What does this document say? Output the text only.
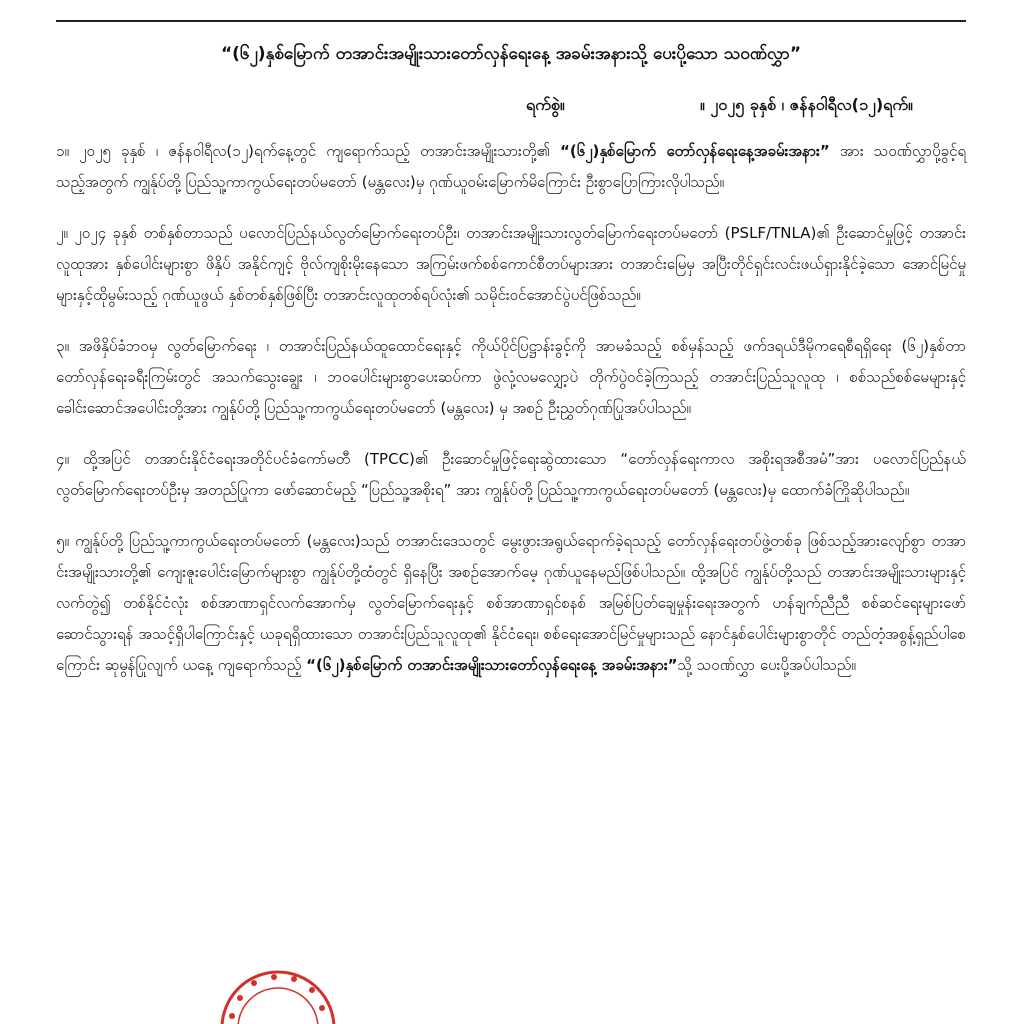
“(၆၂)နှစ်မြောက် တအာင်းအမျိုးသားတော်လှန်ရေးနေ့ အခမ်းအနားသို့ ပေးပို့သော သဝဏ်လွှာ”
ရက်စွဲ။	။ ၂၀၂၅ ခုနှစ် ၊ ဇန်နဝါရီလ(၁၂)ရက်။

၁။ ၂၀၂၅ ခုနှစ် ၊ ဇန်နဝါရီလ(၁၂)ရက်နေ့တွင် ကျရောက်သည့် တအာင်းအမျိုးသားတို့၏ “(၆၂)နှစ်မြောက် တော်လှန်ရေးနေ့အခမ်းအနား” အား သဝဏ်လွှာပို့ခွင့်ရသည့်အတွက် ကျွန်ုပ်တို့ ပြည်သူ့ကာကွယ်ရေးတပ်မတော် (မန္တလေး)မှ ဂုဏ်ယူဝမ်းမြောက်မိကြောင်း ဦးစွာပြောကြားလိုပါသည်။

၂။ ၂၀၂၄ ခုနှစ် တစ်နှစ်တာသည် ပလောင်ပြည်နယ်လွတ်မြောက်ရေးတပ်ဦး၊ တအာင်းအမျိုးသားလွတ်မြောက်ရေးတပ်မတော် (PSLF/TNLA)၏ ဦးဆောင်မှုဖြင့် တအာင်းလူထုအား နှစ်ပေါင်းများစွာ ဖိနှိပ် အနိုင်ကျင့် ဗိုလ်ကျစိုးမိုးနေသော အကြမ်းဖက်စစ်ကောင်စီတပ်များအား တအာင်းမြေမှ အပြီးတိုင်ရှင်းလင်းဖယ်ရှားနိုင်ခဲ့သော အောင်မြင်မှုများနှင့်ထိုမွမ်းသည့် ဂုဏ်ယူဖွယ် နှစ်တစ်နှစ်ဖြစ်ပြီး တအာင်းလူထုတစ်ရပ်လုံး၏ သမိုင်းဝင်အောင်ပွဲပင်ဖြစ်သည်။

၃။ အဖိနှိပ်ခံဘဝမှ လွတ်မြောက်ရေး ၊ တအာင်းပြည်နယ်ထူထောင်ရေးနှင့် ကိုယ်ပိုင်ပြဋ္ဌာန်းခွင့်ကို အာမခံသည့် စစ်မှန်သည့် ဖက်ဒရယ်ဒီမိုကရေစီရရှိရေး (၆၂)နှစ်တာ တော်လှန်ရေးခရီးကြမ်းတွင် အသက်သွေးချွေး ၊ ဘဝပေါင်းများစွာပေးဆပ်ကာ ဖွဲလုံ့လမလျှော့ပဲ တိုက်ပွဲဝင်ခဲ့ကြသည့် တအာင်းပြည်သူလူထု ၊ စစ်သည်စစ်မေများနှင့် ခေါင်းဆောင်အပေါင်းတို့အား ကျွန်ုပ်တို့ ပြည်သူ့ကာကွယ်ရေးတပ်မတော် (မန္တလေး) မှ အစဉ် ဦးညွှတ်ဂုဏ်ပြုအပ်ပါသည်။

၄။ ထို့အပြင် တအာင်းနိုင်ငံရေးအတိုင်ပင်ခံကော်မတီ (TPCC)၏ ဦးဆောင်မှုဖြင့်ရေးဆွဲထားသော “တော်လှန်ရေးကာလ အစိုးရအစီအမံ”အား ပလောင်ပြည်နယ်လွတ်မြောက်ရေးတပ်ဦးမှ အတည်ပြုကာ ဖော်ဆောင်မည့် “ပြည်သူ့အစိုးရ” အား ကျွန်ုပ်တို့ ပြည်သူ့ကာကွယ်ရေးတပ်မတော် (မန္တလေး)မှ ထောက်ခံကြိုဆိုပါသည်။

၅။ ကျွန်ုပ်တို့ ပြည်သူ့ကာကွယ်ရေးတပ်မတော် (မန္တလေး)သည် တအာင်းဒေသတွင် မွေးဖွားအရွယ်ရောက်ခဲ့ရသည့် တော်လှန်ရေးတပ်ဖွဲ့တစ်ခု ဖြစ်သည့်အားလျော်စွာ တအာင်းအမျိုးသားတို့၏ ကျေးဇူးပေါင်းမြောက်များစွာ ကျွန်ုပ်တို့ထံတွင် ရှိနေပြီး အစဉ်အောက်မေ့ ဂုဏ်ယူနေမည်ဖြစ်ပါသည်။ ထို့အပြင် ကျွန်ုပ်တို့သည် တအာင်းအမျိုးသားများနှင့် လက်တွဲ၍ တစ်နိုင်ငံလုံး စစ်အာဏာရှင်လက်အောက်မှ လွတ်မြောက်ရေးနှင့် စစ်အာဏာရှင်စနစ် အမြစ်ပြတ်ချေမှုန်းရေးအတွက် ဟန်ချက်ညီညီ စစ်ဆင်ရေးများဖော်ဆောင်သွားရန် အသင့်ရှိပါကြောင်းနှင့် ယခုရရှိထားသော တအာင်းပြည်သူလူထု၏ နိုင်ငံရေး၊ စစ်ရေးအောင်မြင်မှုများသည် နောင်နှစ်ပေါင်းများစွာတိုင် တည်တံ့အစွန့်ရှည်ပါစေကြောင်း ဆုမွန်ပြုလျက် ယနေ့ ကျရောက်သည့် “(၆၂)နှစ်မြောက် တအာင်းအမျိုးသားတော်လှန်ရေးနေ့ အခမ်းအနား”သို့ သဝဏ်လွှာ ပေးပို့အပ်ပါသည်။
